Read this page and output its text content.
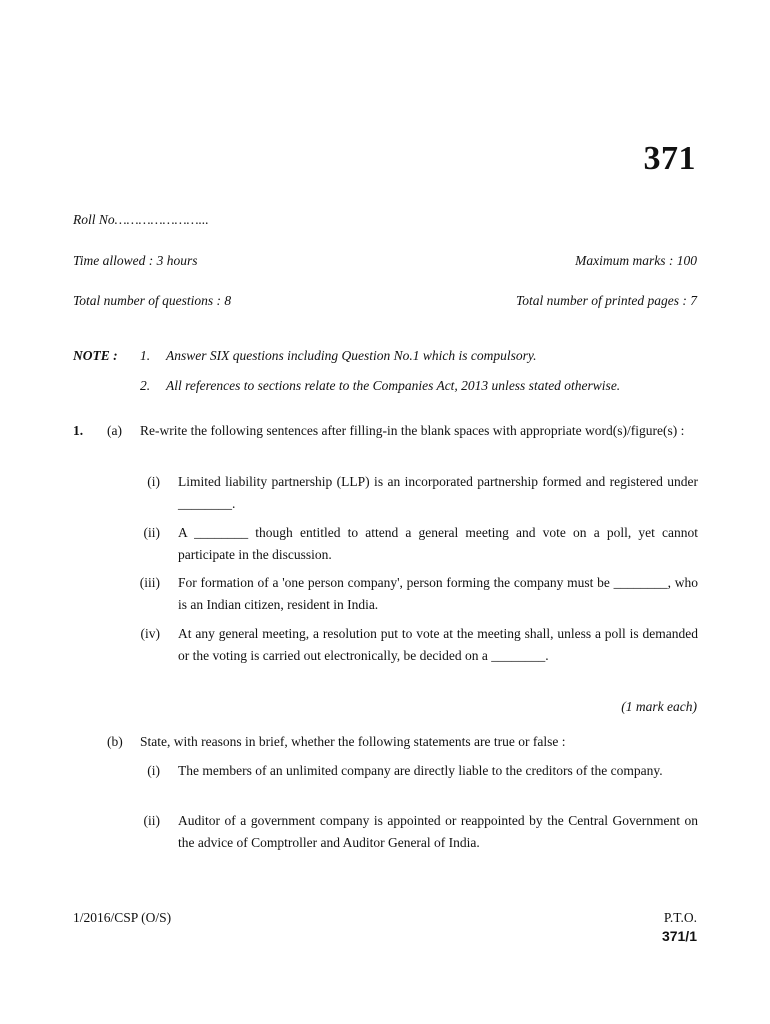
371
Roll No…………………...
Time allowed : 3 hours	Maximum marks : 100
Total number of questions : 8	Total number of printed pages : 7
NOTE : 1. Answer SIX questions including Question No.1 which is compulsory.
2. All references to sections relate to the Companies Act, 2013 unless stated otherwise.
1. (a) Re-write the following sentences after filling-in the blank spaces with appropriate word(s)/figure(s) :
(i) Limited liability partnership (LLP) is an incorporated partnership formed and registered under ________.
(ii) A ________ though entitled to attend a general meeting and vote on a poll, yet cannot participate in the discussion.
(iii) For formation of a 'one person company', person forming the company must be ________, who is an Indian citizen, resident in India.
(iv) At any general meeting, a resolution put to vote at the meeting shall, unless a poll is demanded or the voting is carried out electronically, be decided on a ________.
(1 mark each)
(b) State, with reasons in brief, whether the following statements are true or false :
(i) The members of an unlimited company are directly liable to the creditors of the company.
(ii) Auditor of a government company is appointed or reappointed by the Central Government on the advice of Comptroller and Auditor General of India.
1/2016/CSP (O/S)	P.T.O.
371/1
